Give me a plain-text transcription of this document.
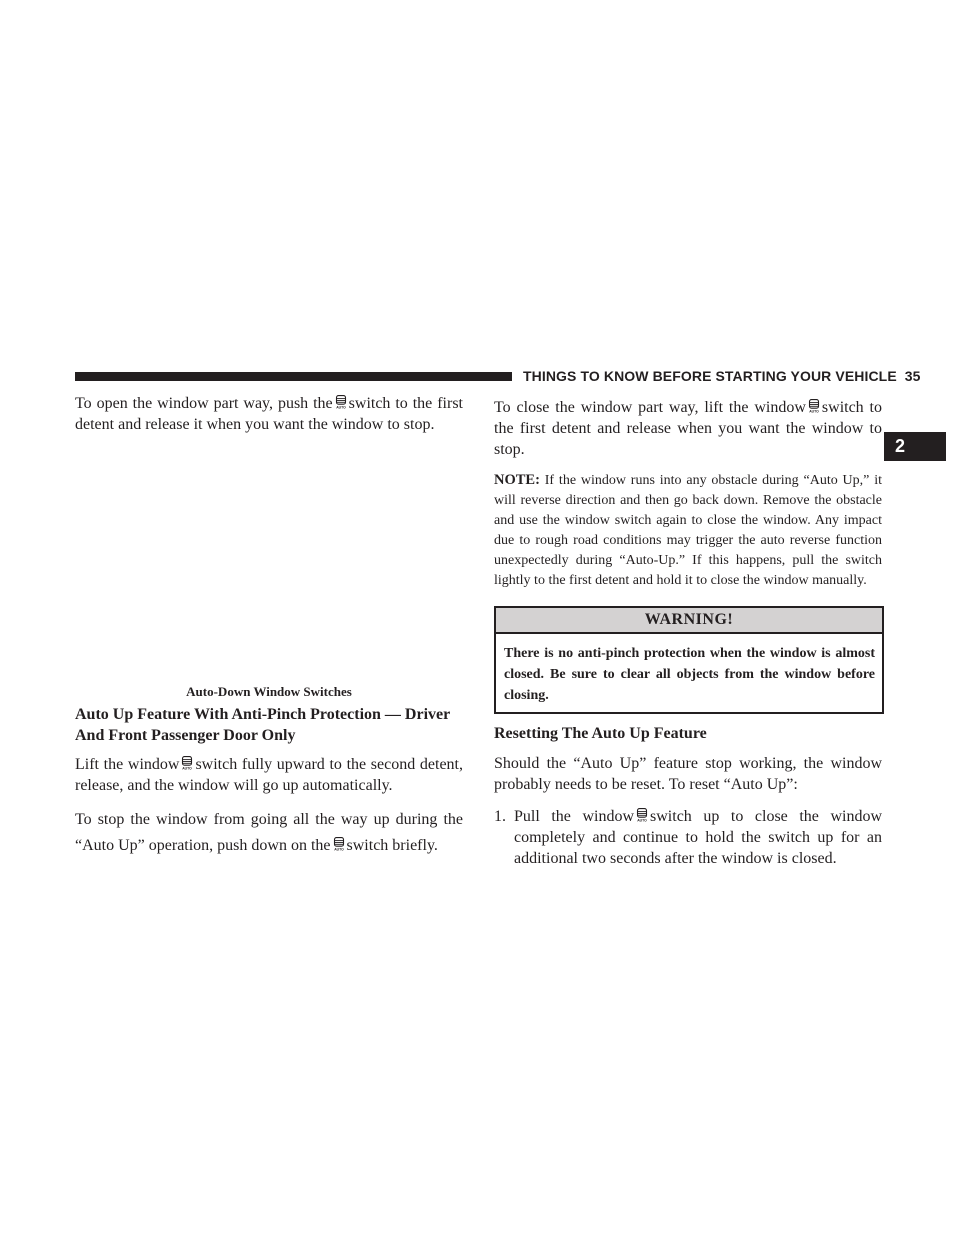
THINGS TO KNOW BEFORE STARTING YOUR VEHICLE 35
2

To open the window part way, push the AUTO switch to the first detent and release it when you want the window to stop.

Auto-Down Window Switches
Auto Up Feature With Anti-Pinch Protection — Driver And Front Passenger Door Only

Lift the window AUTO switch fully upward to the second detent, release, and the window will go up automatically.

To stop the window from going all the way up during the “Auto Up” operation, push down on the AUTO switch briefly.

To close the window part way, lift the window AUTO switch to the first detent and release when you want the window to stop.

NOTE: If the window runs into any obstacle during “Auto Up,” it will reverse direction and then go back down. Remove the obstacle and use the window switch again to close the window. Any impact due to rough road conditions may trigger the auto reverse function unexpectedly during “Auto-Up.” If this happens, pull the switch lightly to the first detent and hold it to close the window manually.

WARNING!
There is no anti-pinch protection when the window is almost closed. Be sure to clear all objects from the window before closing.
Resetting The Auto Up Feature

Should the “Auto Up” feature stop working, the window probably needs to be reset. To reset “Auto Up”:

1. Pull the window AUTO switch up to close the window completely and continue to hold the switch up for an additional two seconds after the window is closed.
